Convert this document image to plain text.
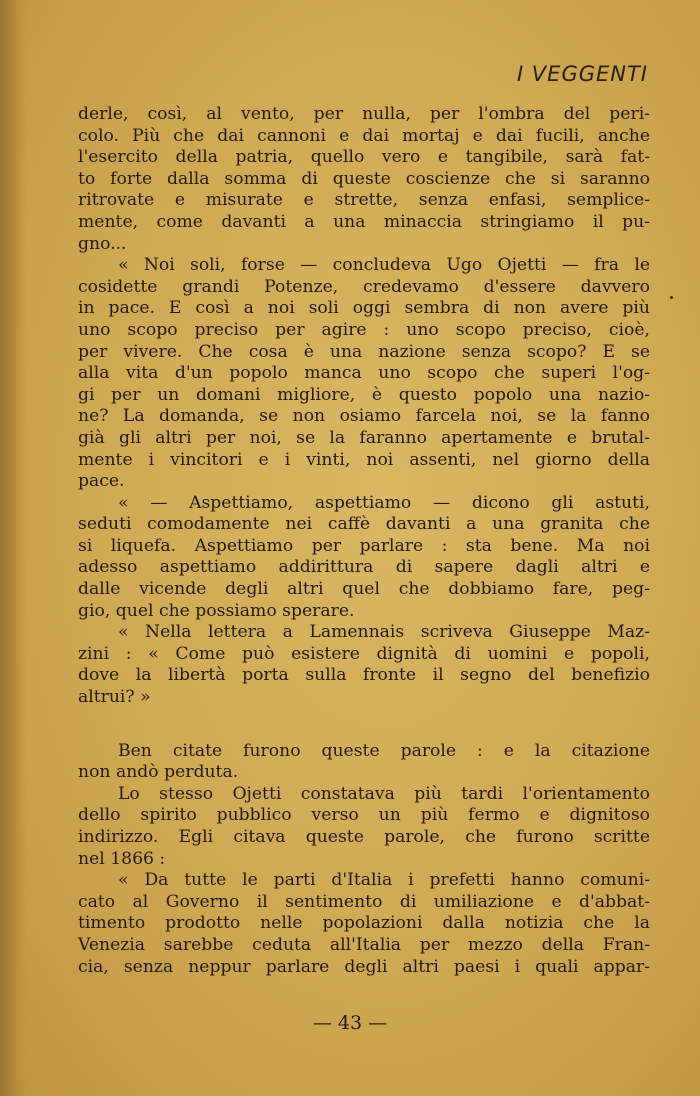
I VEGGENTI
derle, così, al vento, per nulla, per l'ombra del peri-
colo. Più che dai cannoni e dai mortaj e dai fucili, anche
l'esercito della patria, quello vero e tangibile, sarà fat-
to forte dalla somma di queste coscienze che si saranno
ritrovate e misurate e strette, senza enfasi, semplice-
mente, come davanti a una minaccia stringiamo il pu-
gno...
« Noi soli, forse — concludeva Ugo Ojetti — fra le
cosidette grandi Potenze, credevamo d'essere davvero
in pace. E così a noi soli oggi sembra di non avere più
uno scopo preciso per agire : uno scopo preciso, cioè,
per vivere. Che cosa è una nazione senza scopo? E se
alla vita d'un popolo manca uno scopo che superi l'og-
gi per un domani migliore, è questo popolo una nazio-
ne? La domanda, se non osiamo farcela noi, se la fanno
già gli altri per noi, se la faranno apertamente e brutal-
mente i vincitori e i vinti, noi assenti, nel giorno della
pace.
« — Aspettiamo, aspettiamo — dicono gli astuti,
seduti comodamente nei caffè davanti a una granita che
si liquefa. Aspettiamo per parlare : sta bene. Ma noi
adesso aspettiamo addirittura di sapere dagli altri e
dalle vicende degli altri quel che dobbiamo fare, peg-
gio, quel che possiamo sperare.
« Nella lettera a Lamennais scriveva Giuseppe Maz-
zini : « Come può esistere dignità di uomini e popoli,
dove la libertà porta sulla fronte il segno del benefizio
altrui? »
Ben citate furono queste parole : e la citazione
non andò perduta.
Lo stesso Ojetti constatava più tardi l'orientamento
dello spirito pubblico verso un più fermo e dignitoso
indirizzo. Egli citava queste parole, che furono scritte
nel 1866 :
« Da tutte le parti d'Italia i prefetti hanno comuni-
cato al Governo il sentimento di umiliazione e d'abbat-
timento prodotto nelle popolazioni dalla notizia che la
Venezia sarebbe ceduta all'Italia per mezzo della Fran-
cia, senza neppur parlare degli altri paesi i quali appar-
— 43 —
